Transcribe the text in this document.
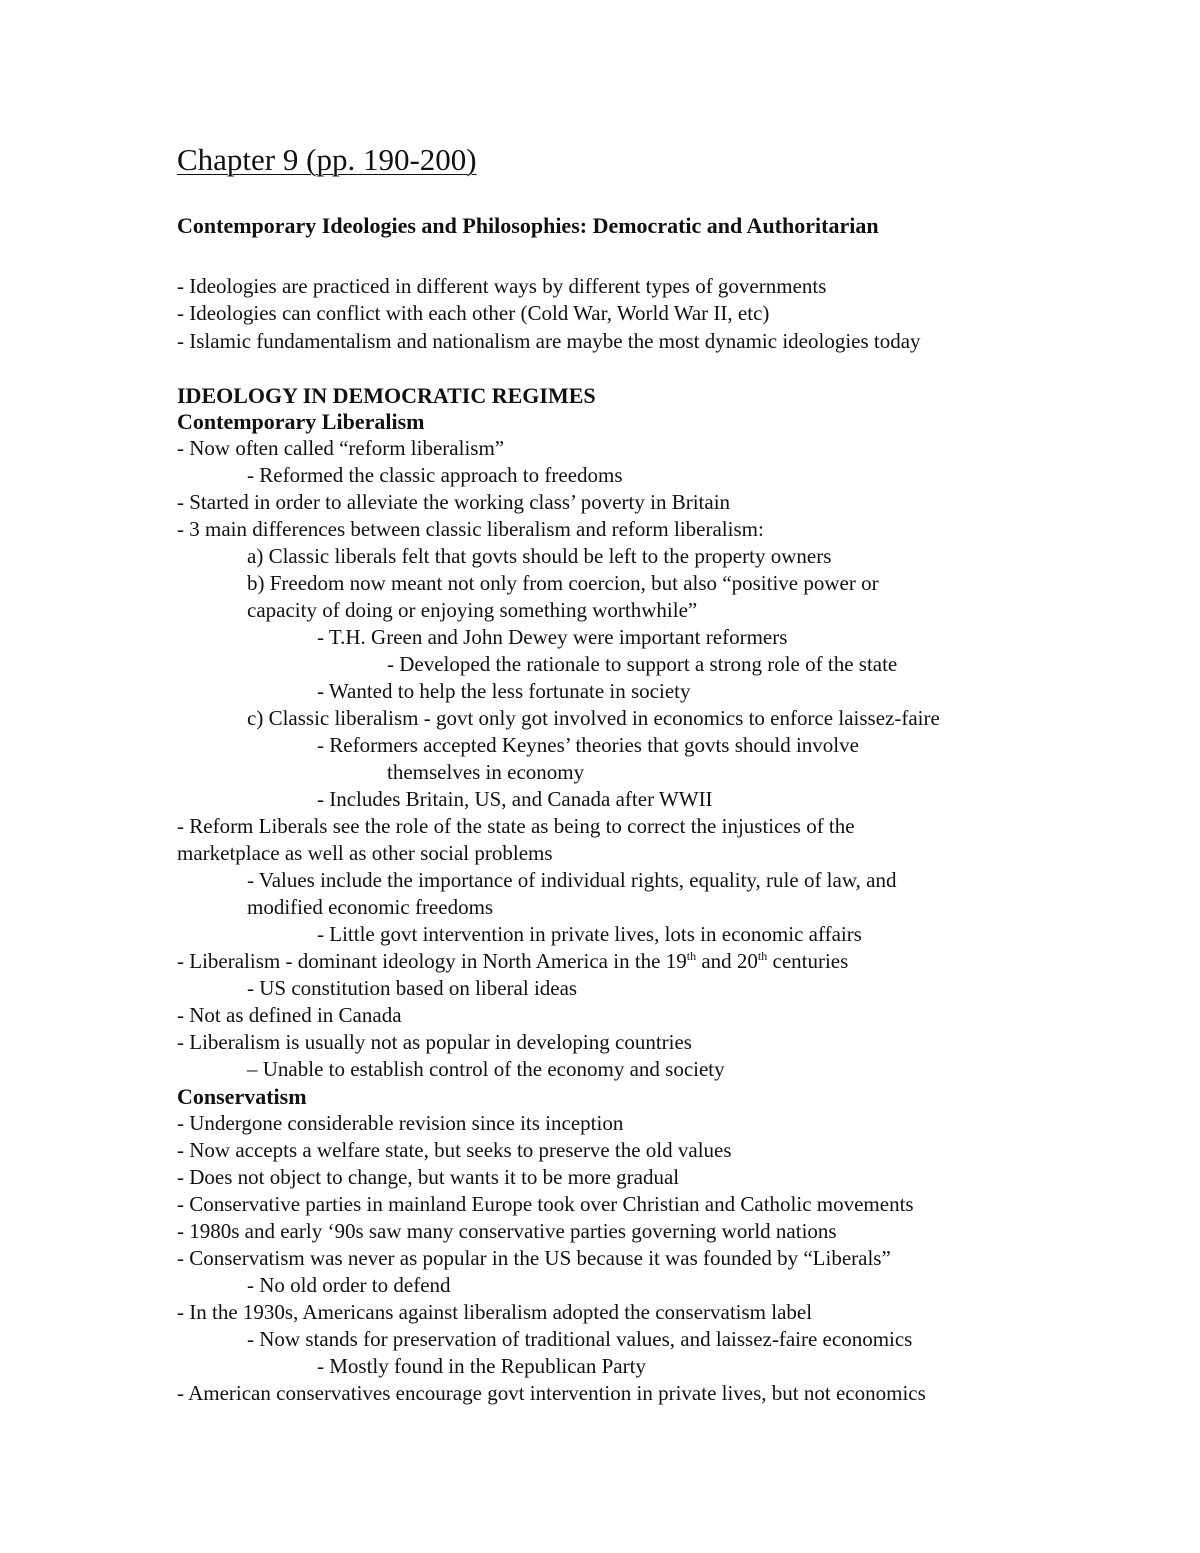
Chapter 9 (pp. 190-200)
Contemporary Ideologies and Philosophies: Democratic and Authoritarian
- Ideologies are practiced in different ways by different types of governments
- Ideologies can conflict with each other (Cold War, World War II, etc)
- Islamic fundamentalism and nationalism are maybe the most dynamic ideologies today
IDEOLOGY IN DEMOCRATIC REGIMES
Contemporary Liberalism
- Now often called “reform liberalism”
- Reformed the classic approach to freedoms
- Started in order to alleviate the working class’ poverty in Britain
- 3 main differences between classic liberalism and reform liberalism:
a) Classic liberals felt that govts should be left to the property owners
b) Freedom now meant not only from coercion, but also “positive power or
capacity of doing or enjoying something worthwhile”
- T.H. Green and John Dewey were important reformers
- Developed the rationale to support a strong role of the state
- Wanted to help the less fortunate in society
c) Classic liberalism - govt only got involved in economics to enforce laissez-faire
- Reformers accepted Keynes’ theories that govts should involve
themselves in economy
- Includes Britain, US, and Canada after WWII
- Reform Liberals see the role of the state as being to correct the injustices of the
marketplace as well as other social problems
- Values include the importance of individual rights, equality, rule of law, and
modified economic freedoms
- Little govt intervention in private lives, lots in economic affairs
- Liberalism - dominant ideology in North America in the 19th and 20th centuries
- US constitution based on liberal ideas
- Not as defined in Canada
- Liberalism is usually not as popular in developing countries
– Unable to establish control of the economy and society
Conservatism
- Undergone considerable revision since its inception
- Now accepts a welfare state, but seeks to preserve the old values
- Does not object to change, but wants it to be more gradual
- Conservative parties in mainland Europe took over Christian and Catholic movements
- 1980s and early ‘90s saw many conservative parties governing world nations
- Conservatism was never as popular in the US because it was founded by “Liberals”
- No old order to defend
- In the 1930s, Americans against liberalism adopted the conservatism label
- Now stands for preservation of traditional values, and laissez-faire economics
- Mostly found in the Republican Party
- American conservatives encourage govt intervention in private lives, but not economics
